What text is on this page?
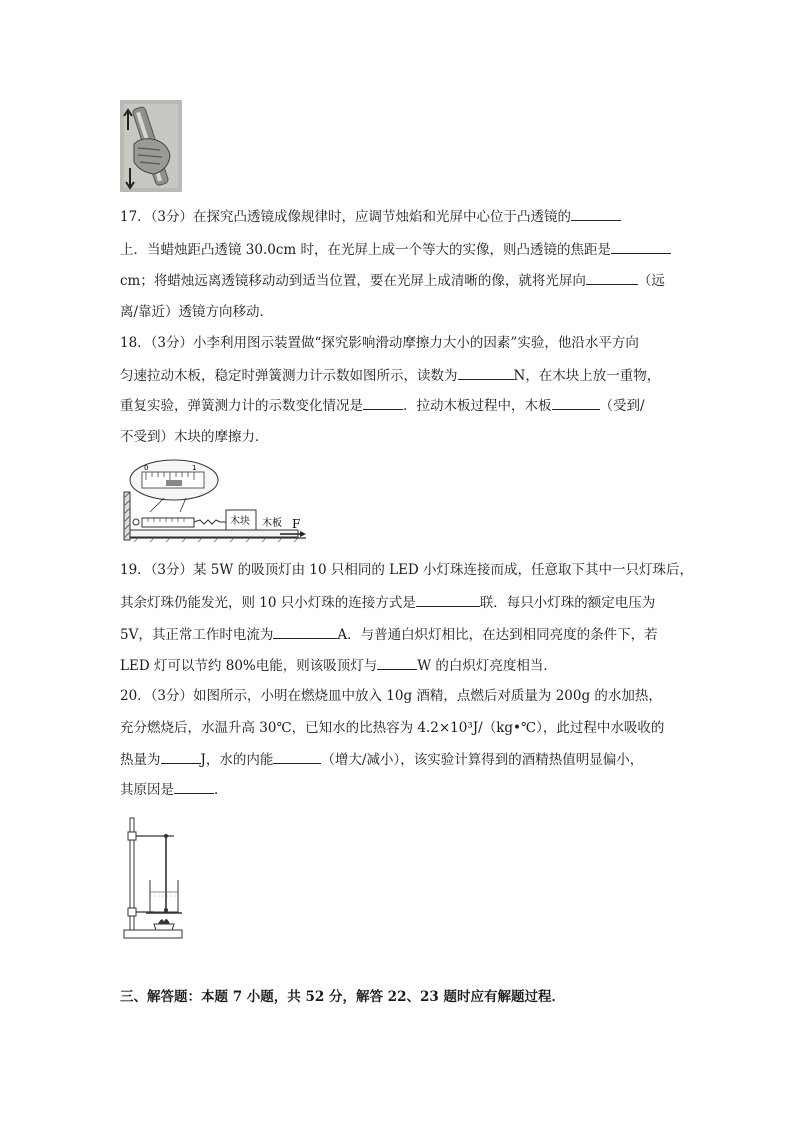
17．（3分）在探究凸透镜成像规律时，应调节烛焰和光屏中心位于凸透镜的
上．当蜡烛距凸透镜 30.0cm 时，在光屏上成一个等大的实像，则凸透镜的焦距是
cm；将蜡烛远离透镜移动动到适当位置，要在光屏上成清晰的像，就将光屏向	（远
离/靠近）透镜方向移动．
18．（3分）小李利用图示装置做“探究影响滑动摩擦力大小的因素”实验，他沿水平方向
匀速拉动木板，稳定时弹簧测力计示数如图所示，读数为	N，在木块上放一重物，
重复实验，弹簧测力计的示数变化情况是	．拉动木板过程中，木板	（受到/
不受到）木块的摩擦力．
0	1
木块 木板 F
19．（3分）某 5W 的吸顶灯由 10 只相同的 LED 小灯珠连接而成，任意取下其中一只灯珠后，
其余灯珠仍能发光，则 10 只小灯珠的连接方式是	联．每只小灯珠的额定电压为
5V，其正常工作时电流为	A．与普通白炽灯相比，在达到相同亮度的条件下，若
LED 灯可以节约 80%电能，则该吸顶灯与	W 的白炽灯亮度相当．
20．（3分）如图所示，小明在燃烧皿中放入 10g 酒精，点燃后对质量为 200g 的水加热，
充分燃烧后，水温升高 30℃，已知水的比热容为 4.2×10³J/（kg•℃），此过程中水吸收的
热量为	J，水的内能	（增大/减小），该实验计算得到的酒精热值明显偏小，
其原因是	．
三、解答题：本题 7 小题，共 52 分，解答 22、23 题时应有解题过程．
